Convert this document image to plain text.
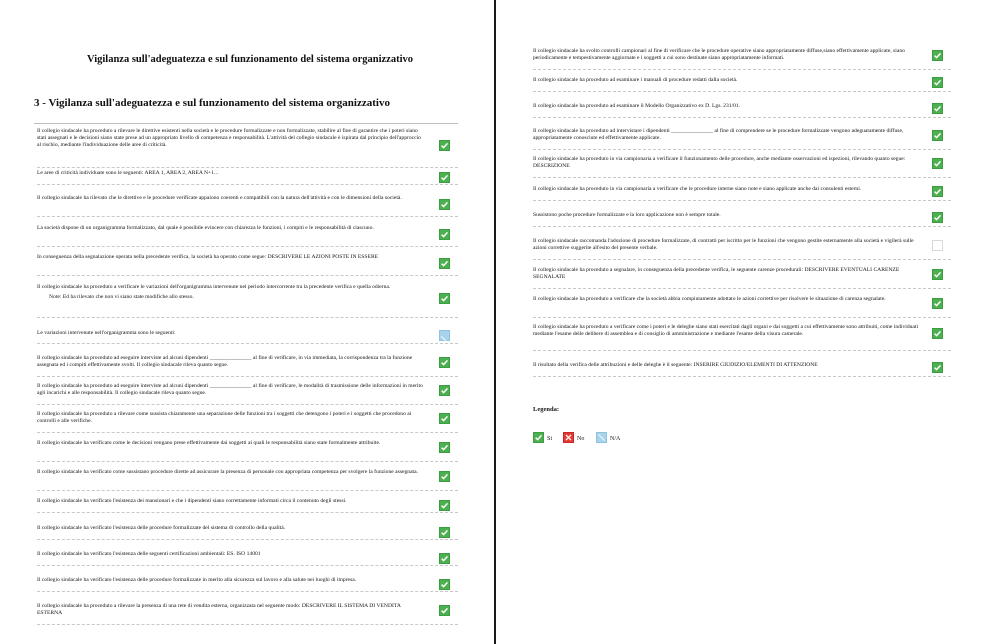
Vigilanza sull'adeguatezza e sul funzionamento del sistema organizzativo
3 - Vigilanza sull'adeguatezza e sul funzionamento del sistema organizzativo
Il collegio sindacale ha proceduto a rilevare le direttive esistenti nella società e le procedure formalizzate e non formalizzate, stabilire al fine di garantire che i poteri siano stati assegnati e le decisioni siano state prese ad un appropriato livello di competenza e responsabilità. L'attività del collegio sindacale è ispirata dal principio dell'approccio al rischio, mediante l'individuazione delle aree di criticità.
Le aree di criticità individuate sono le seguenti: AREA 1, AREA 2, AREA N+1...
Il collegio sindacale ha rilevato che le direttive e le procedure verificate appaiono coerenti e compatibili con la natura dell'attività e con le dimensioni della società.
La società dispone di un organigramma formalizzato, dal quale è possibile evincere con chiarezza le funzioni, i compiti e le responsabilità di ciascuno.
In conseguenza della segnalazione operata nella precedente verifica, la società ha operato come segue: DESCRIVERE LE AZIONI POSTE IN ESSERE
Il collegio sindacale ha proceduto a verificare le variazioni dell'organigramma intervenute nel periodo intercorrente tra la precedente verifica e quella odierna.
Note: Ed ha rilevato che non vi siano state modifiche allo stesso.
Le variazioni intervenute nell'organigramma sono le seguenti:
Il collegio sindacale ha proceduto ad eseguire interviste ad alcuni dipendenti _______________ al fine di verificare, in via immediata, la corrispondenza tra la funzione assegnata ed i compiti effettivamente svolti. Il collegio sindacale rileva quanto segue.
Il collegio sindacale ha proceduto ad eseguire interviste ad alcuni dipendenti _______________ al fine di verificare, le modalità di trasmissione delle informazioni in merito agli incarichi e alle responsabilità. Il collegio sindacale rileva quanto segue.
Il collegio sindacale ha proceduto a rilevare come sussista chiaramente una separazione delle funzioni tra i soggetti che detengono i poteri e i soggetti che procedono ai controlli e alle verifiche.
Il collegio sindacale ha verificato come le decisioni vengano prese effettivamente dai soggetti ai quali le responsabilità siano state formalmente attribuite.
Il collegio sindacale ha verificato come sussistano procedure dirette ad assicurare la presenza di personale con appropriata competenza per svolgere la funzione assegnata.
Il collegio sindacale ha verificato l'esistenza dei mansionari e che i dipendenti siano correttamente informati circa il contenuto degli stessi.
Il collegio sindacale ha verificato l'esistenza delle procedure formalizzate del sistema di controllo della qualità.
Il collegio sindacale ha verificato l'esistenza delle seguenti certificazioni ambientali: ES. ISO 14001
Il collegio sindacale ha verificato l'esistenza delle procedure formalizzate in merito alla sicurezza sul lavoro e alla salute nei luoghi di impresa.
Il collegio sindacale ha proceduto a rilevare la presenza di una rete di vendita esterna, organizzata nel seguente modo: DESCRIVERE IL SISTEMA DI VENDITA ESTERNA
Il collegio sindacale ha svolto controlli campionari al fine di verificare che le procedure operative siano appropriatamente diffuse,siano effettivamente applicate, siano periodicamente e tempestivamente aggiornate e i soggetti a cui sono destinate siano appropriatamente informati.
Il collegio sindacale ha proceduto ad esaminare i manuali di procedure redatti dalla società.
Il collegio sindacale ha proceduto ad esaminare il Modello Organizzativo ex D. Lgs. 231/01.
Il collegio sindacale ha proceduto ad intervistare i dipendenti _______________ al fine di comprendere se le procedure formalizzate vengono adeguatamente diffuse, appropriatamente conosciute ed effettivamente applicate.
Il collegio sindacale ha proceduto in via campionaria a verificare il funzionamento delle procedure, anche mediante osservazioni ed ispezioni, rilevando quanto segue: DESCRIZIONE
Il collegio sindacale ha proceduto in via campionaria a verificare che le procedure interne siano note e siano applicate anche dai consulenti esterni.
Sussistono poche procedure formalizzate e la loro applicazione non è sempre totale.
Il collegio sindacale raccomanda l'adozione di procedure formalizzate, di contratti per iscritto per le funzioni che vengono gestite esternamente alla società e vigilerà sulle azioni correttive suggerite all'esito del presente verbale.
Il collegio sindacale ha proceduto a segnalare, in conseguenza della precedente verifica, le seguente carenze procedurali: DESCRIVERE EVENTUALI CARENZE SEGNALATE
Il collegio sindacale ha proceduto a verificare che la società abbia compiutamente adottato le azioni correttive per risolvere le situazione di carenza segnalate.
Il collegio sindacale ha proceduto a verificare come i poteri e le deleghe siano stati esercitati dagli organi e dai soggetti a cui effettivamente sono attribuiti, come individuati mediante l'esame delle delibere di assemblea e di consiglio di amministrazione e mediante l'esame della visura camerale.
Il risultato della verifica delle attribuzioni e delle deleghe è il seguente: INSERIRE GIUDIZIO/ELEMENTI DI ATTENZIONE
Legenda:
Si	No	N/A
